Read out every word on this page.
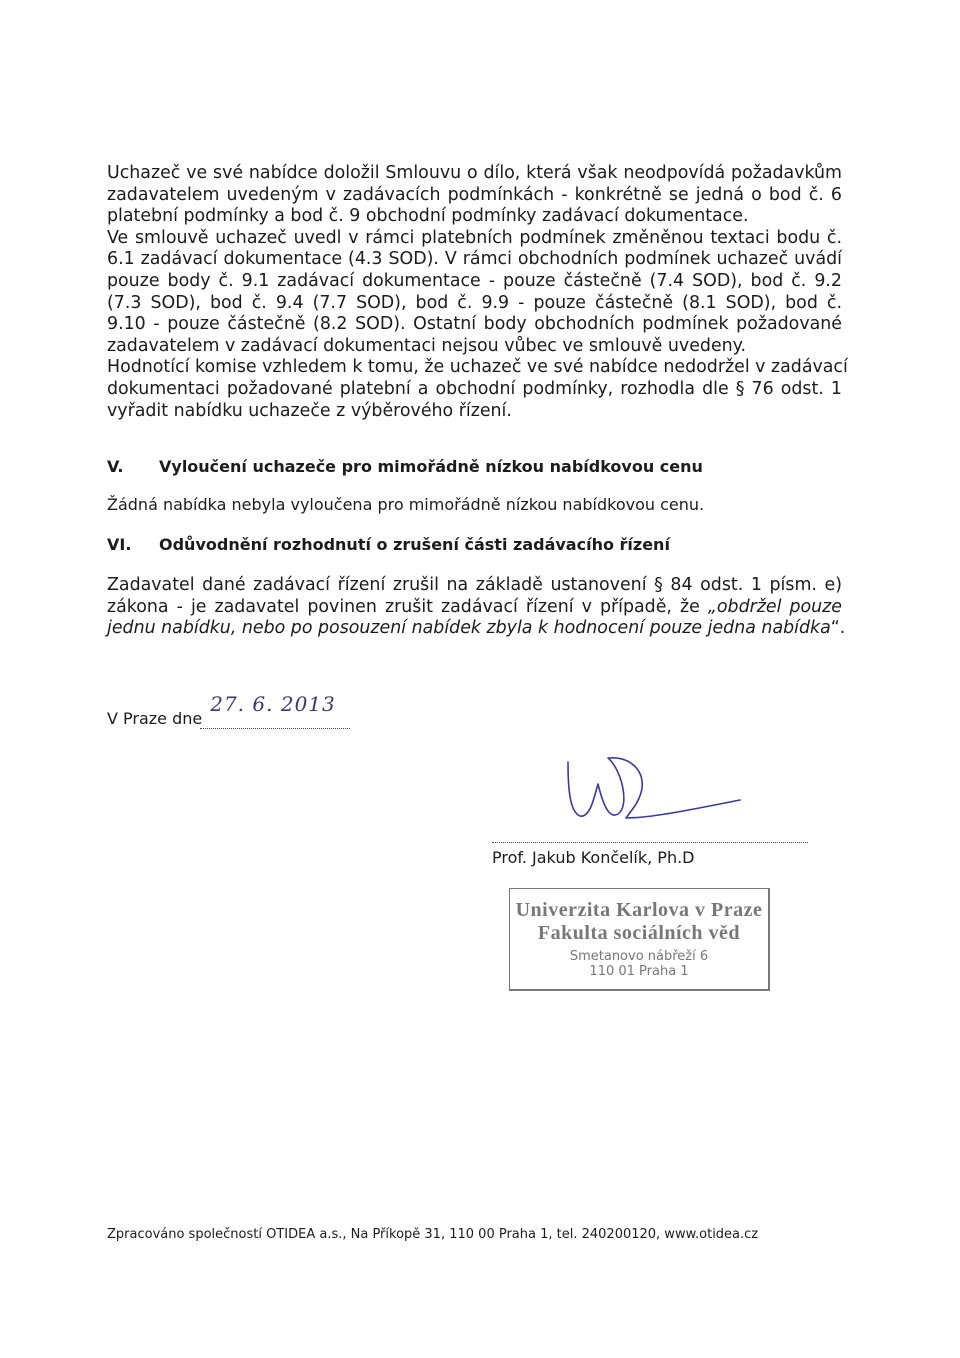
Uchazeč ve své nabídce doložil Smlouvu o dílo, která však neodpovídá požadavkům
zadavatelem uvedeným v zadávacích podmínkách - konkrétně se jedná o bod č. 6
platební podmínky a bod č. 9 obchodní podmínky zadávací dokumentace.
Ve smlouvě uchazeč uvedl v rámci platebních podmínek změněnou textaci bodu č.
6.1 zadávací dokumentace (4.3 SOD). V rámci obchodních podmínek uchazeč uvádí
pouze body č. 9.1 zadávací dokumentace - pouze částečně (7.4 SOD), bod č. 9.2
(7.3 SOD), bod č. 9.4 (7.7 SOD), bod č. 9.9 - pouze částečně (8.1 SOD), bod č.
9.10 - pouze částečně (8.2 SOD). Ostatní body obchodních podmínek požadované
zadavatelem v zadávací dokumentaci nejsou vůbec ve smlouvě uvedeny.
Hodnotící komise vzhledem k tomu, že uchazeč ve své nabídce nedodržel v zadávací
dokumentaci požadované platební a obchodní podmínky, rozhodla dle § 76 odst. 1
vyřadit nabídku uchazeče z výběrového řízení.
V. Vyloučení uchazeče pro mimořádně nízkou nabídkovou cenu
Žádná nabídka nebyla vyloučena pro mimořádně nízkou nabídkovou cenu.
VI. Odůvodnění rozhodnutí o zrušení části zadávacího řízení
Zadavatel dané zadávací řízení zrušil na základě ustanovení § 84 odst. 1 písm. e)
zákona - je zadavatel povinen zrušit zadávací řízení v případě, že „obdržel pouze
jednu nabídku, nebo po posouzení nabídek zbyla k hodnocení pouze jedna nabídka“.
V Praze dne
27. 6. 2013
Prof. Jakub Končelík, Ph.D
Univerzita Karlova v Praze
Fakulta sociálních věd
Smetanovo nábřeží 6
110 01 Praha 1
Zpracováno společností OTIDEA a.s., Na Příkopě 31, 110 00 Praha 1, tel. 240200120, www.otidea.cz
